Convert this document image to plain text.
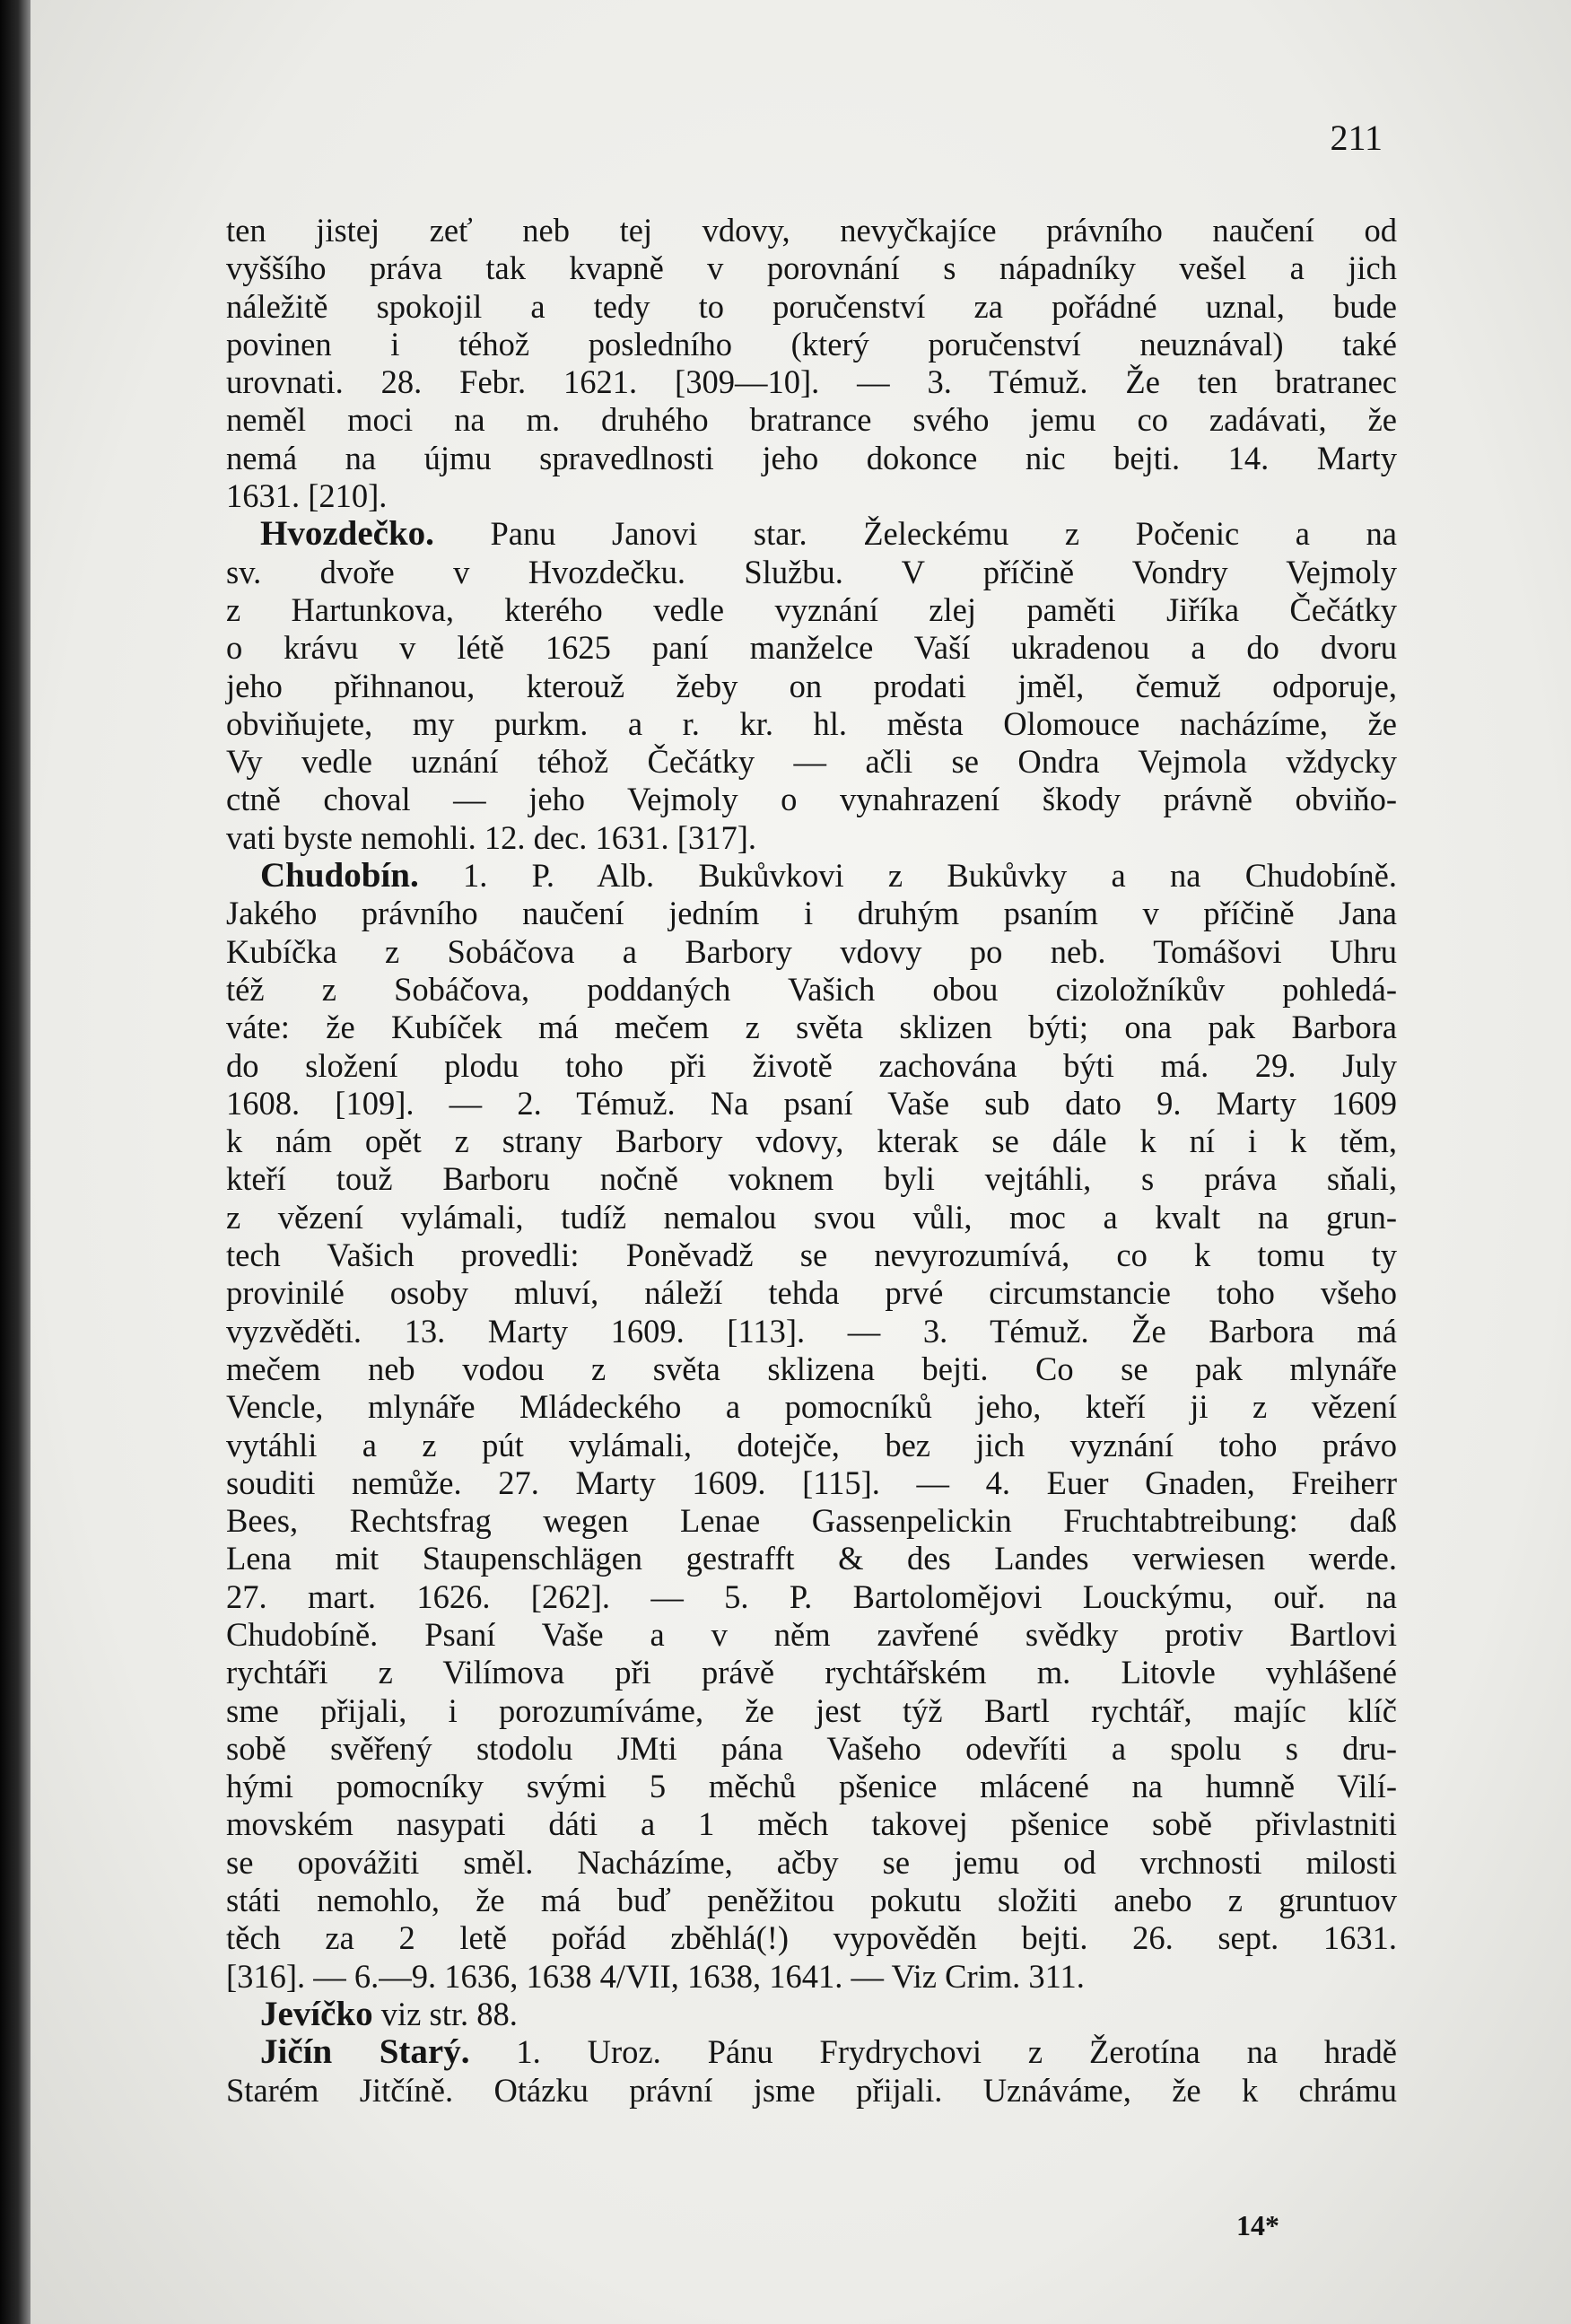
211
ten jistej zeť neb tej vdovy, nevyčkajíce právního naučení od
vyššího práva tak kvapně v porovnání s nápadníky vešel a jich
náležitě spokojil a tedy to poručenství za pořádné uznal, bude
povinen i téhož posledního (který poručenství neuznával) také
urovnati. 28. Febr. 1621. [309—10]. — 3. Témuž. Že ten bratranec
neměl moci na m. druhého bratrance svého jemu co zadávati, že
nemá na újmu spravedlnosti jeho dokonce nic bejti. 14. Marty
1631. [210].
Hvozdečko. Panu Janovi star. Želeckému z Počenic a na
sv. dvoře v Hvozdečku. Službu. V příčině Vondry Vejmoly
z Hartunkova, kterého vedle vyznání zlej paměti Jiříka Čečátky
o krávu v létě 1625 paní manželce Vaší ukradenou a do dvoru
jeho přihnanou, kterouž žeby on prodati jměl, čemuž odporuje,
obviňujete, my purkm. a r. kr. hl. města Olomouce nacházíme, že
Vy vedle uznání téhož Čečátky — ačli se Ondra Vejmola vždycky
ctně choval — jeho Vejmoly o vynahrazení škody právně obviňo-
vati byste nemohli. 12. dec. 1631. [317].
Chudobín. 1. P. Alb. Bukůvkovi z Bukůvky a na Chudobíně.
Jakého právního naučení jedním i druhým psaním v příčině Jana
Kubíčka z Sobáčova a Barbory vdovy po neb. Tomášovi Uhru
též z Sobáčova, poddaných Vašich obou cizoložníkův pohledá-
váte: že Kubíček má mečem z světa sklizen býti; ona pak Barbora
do složení plodu toho při životě zachována býti má. 29. July
1608. [109]. — 2. Témuž. Na psaní Vaše sub dato 9. Marty 1609
k nám opět z strany Barbory vdovy, kterak se dále k ní i k těm,
kteří touž Barboru nočně voknem byli vejtáhli, s práva sňali,
z vězení vylámali, tudíž nemalou svou vůli, moc a kvalt na grun-
tech Vašich provedli: Poněvadž se nevyrozumívá, co k tomu ty
provinilé osoby mluví, náleží tehda prvé circumstancie toho všeho
vyzvěděti. 13. Marty 1609. [113]. — 3. Témuž. Že Barbora má
mečem neb vodou z světa sklizena bejti. Co se pak mlynáře
Vencle, mlynáře Mládeckého a pomocníků jeho, kteří ji z vězení
vytáhli a z pút vylámali, dotejče, bez jich vyznání toho právo
souditi nemůže. 27. Marty 1609. [115]. — 4. Euer Gnaden, Freiherr
Bees, Rechtsfrag wegen Lenae Gassenpelickin Fruchtabtreibung: daß
Lena mit Staupenschlägen gestrafft & des Landes verwiesen werde.
27. mart. 1626. [262]. — 5. P. Bartolomějovi Louckýmu, ouř. na
Chudobíně. Psaní Vaše a v něm zavřené svědky protiv Bartlovi
rychtáři z Vilímova při právě rychtářském m. Litovle vyhlášené
sme přijali, i porozumíváme, že jest týž Bartl rychtář, majíc klíč
sobě svěřený stodolu JMti pána Vašeho odevříti a spolu s dru-
hými pomocníky svými 5 měchů pšenice mlácené na humně Vilí-
movském nasypati dáti a 1 měch takovej pšenice sobě přivlastniti
se opovážiti směl. Nacházíme, ačby se jemu od vrchnosti milosti
státi nemohlo, že má buď peněžitou pokutu složiti anebo z gruntuov
těch za 2 letě pořád zběhlá(!) vypověděn bejti. 26. sept. 1631.
[316]. — 6.—9. 1636, 1638 4/VII, 1638, 1641. — Viz Crim. 311.
Jevíčko viz str. 88.
Jičín Starý. 1. Uroz. Pánu Frydrychovi z Žerotína na hradě
Starém Jitčíně. Otázku právní jsme přijali. Uznáváme, že k chrámu
14*
